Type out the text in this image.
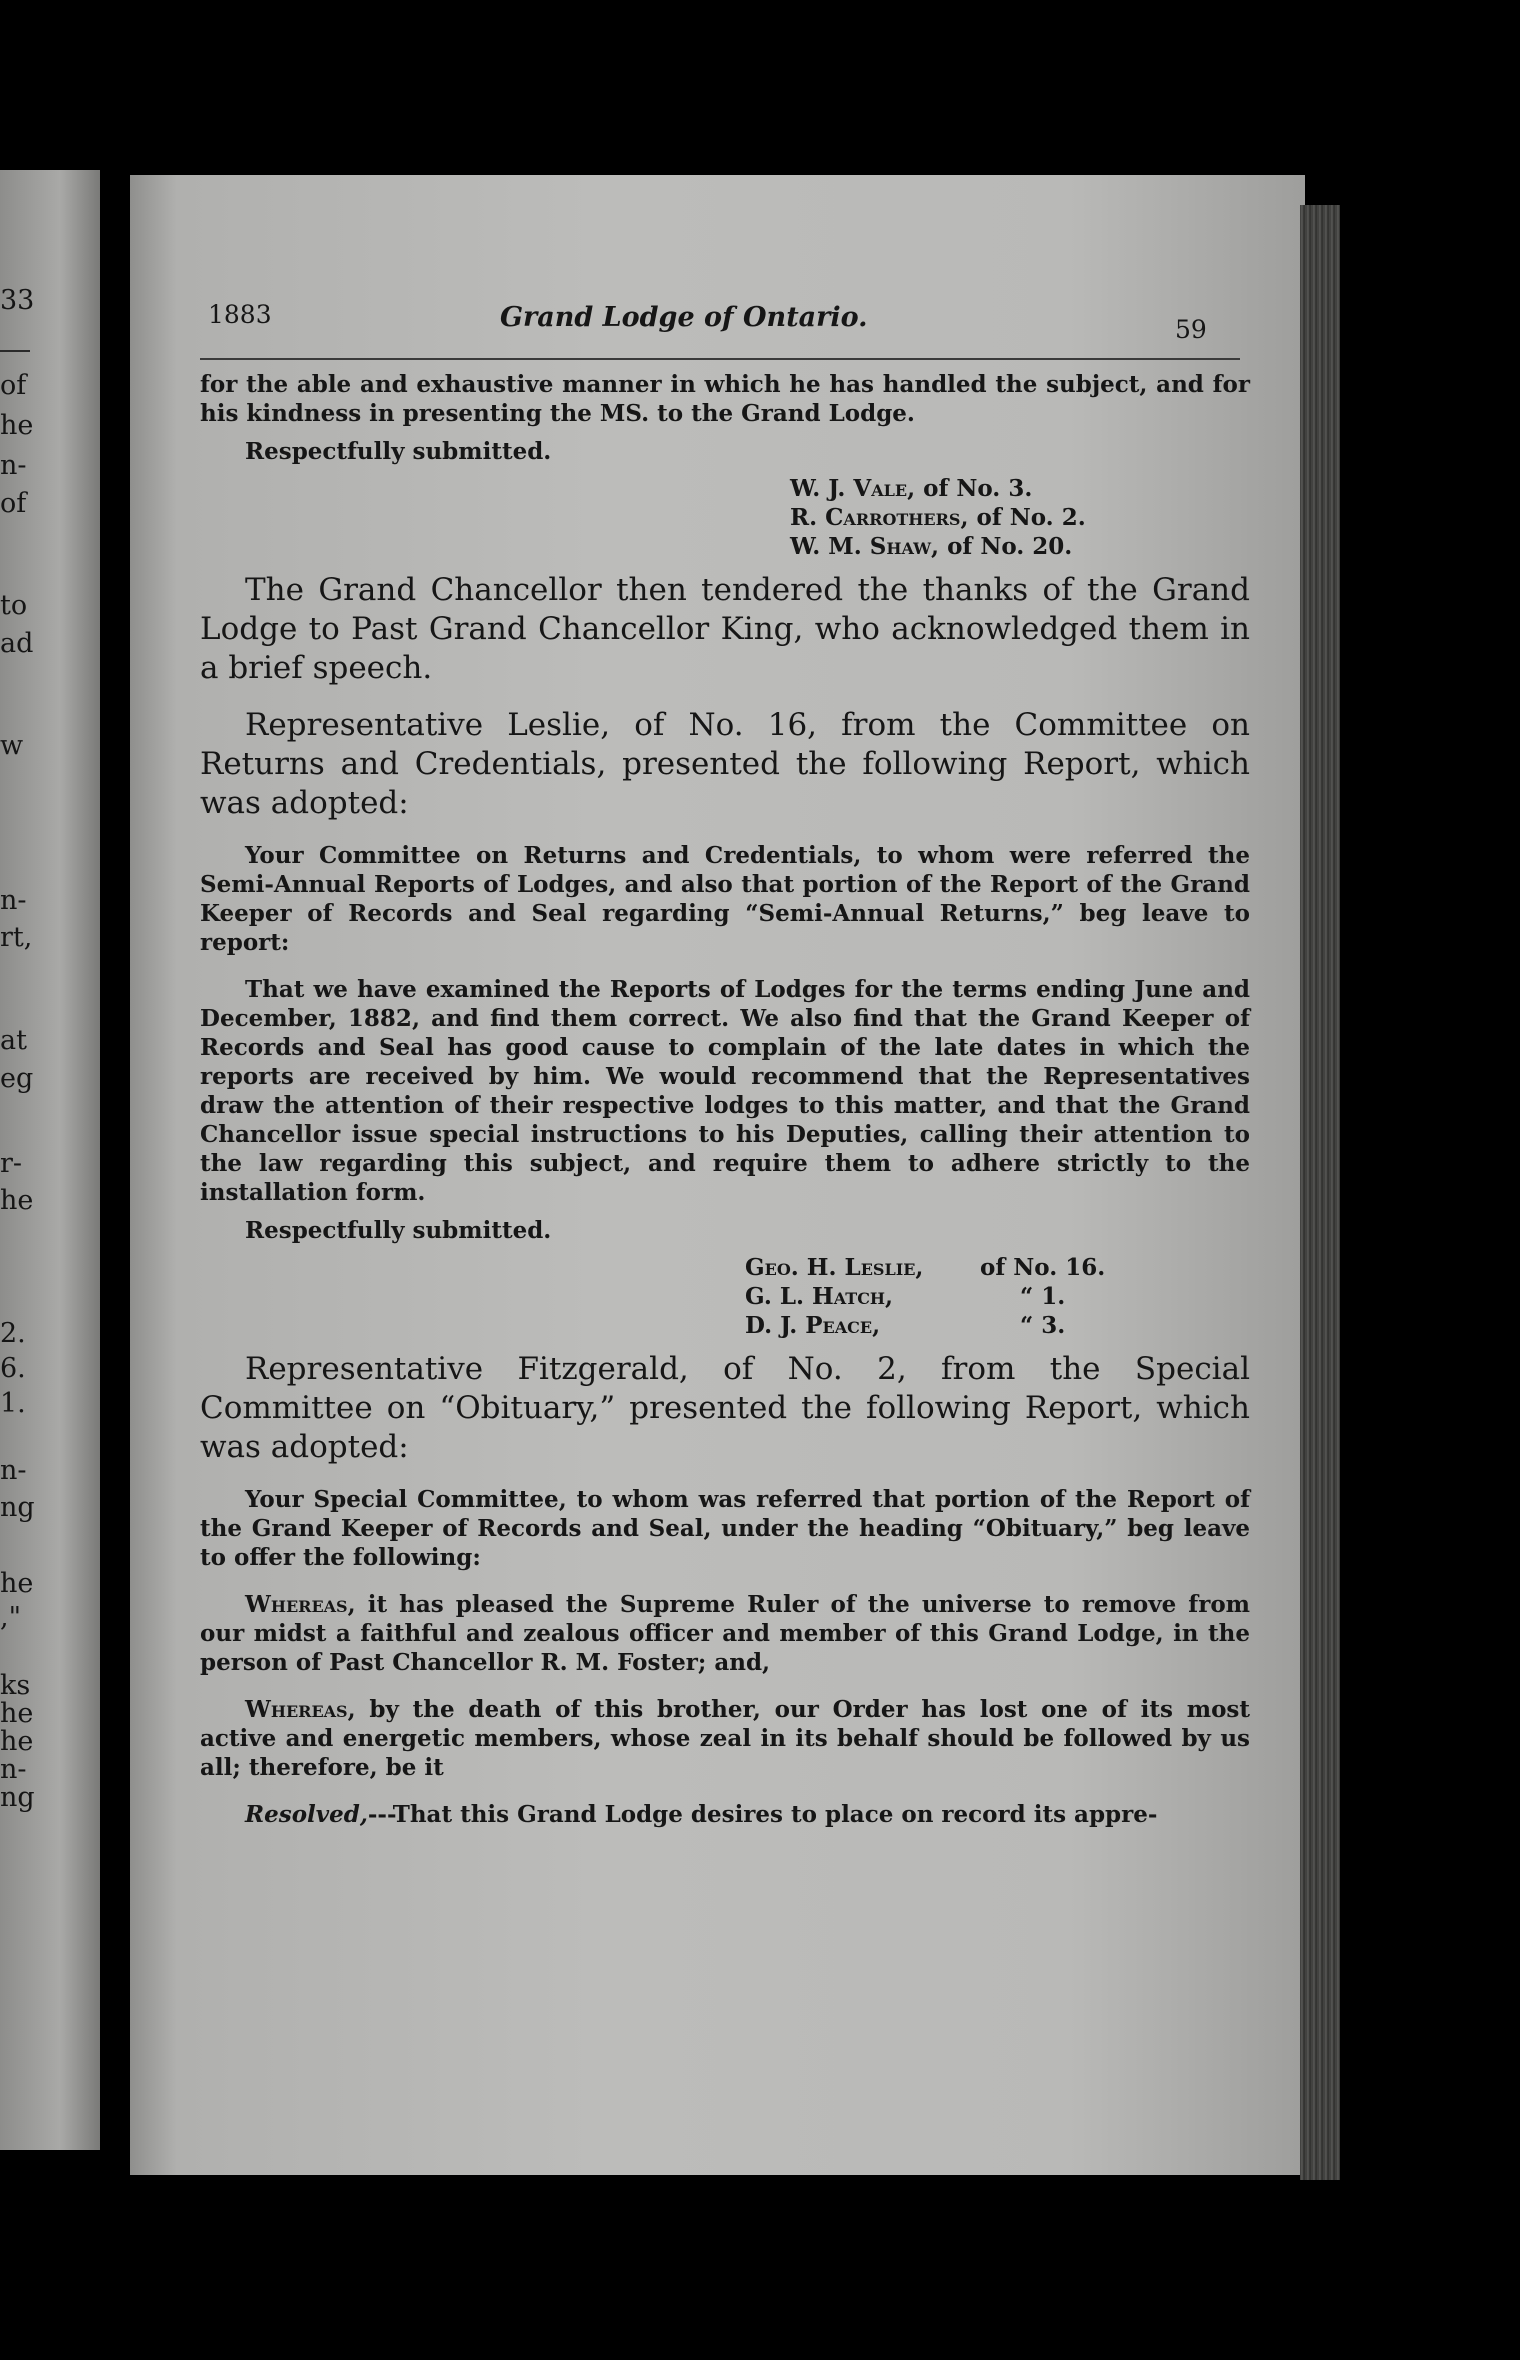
33
of
he
n-
of
to
ad
w
n-
rt,
at
eg
r-
he
2.
6.
1.
n-
ng
he
,"
ks
he
he
n-
ng
1883	Grand Lodge of Ontario.	59

for the able and exhaustive manner in which he has handled the subject, and for his kindness in presenting the MS. to the Grand Lodge.

Respectfully submitted.

W. J. Vale, of No. 3.
R. Carrothers, of No. 2.
W. M. Shaw, of No. 20.

The Grand Chancellor then tendered the thanks of the Grand Lodge to Past Grand Chancellor King, who acknowledged them in a brief speech.

Representative Leslie, of No. 16, from the Committee on Returns and Credentials, presented the following Report, which was adopted:

Your Committee on Returns and Credentials, to whom were referred the Semi-Annual Reports of Lodges, and also that portion of the Report of the Grand Keeper of Records and Seal regarding “Semi-Annual Returns,” beg leave to report:

That we have examined the Reports of Lodges for the terms ending June and December, 1882, and find them correct. We also find that the Grand Keeper of Records and Seal has good cause to complain of the late dates in which the reports are received by him. We would recommend that the Representatives draw the attention of their respective lodges to this matter, and that the Grand Chancellor issue special instructions to his Deputies, calling their attention to the law regarding this subject, and require them to adhere strictly to the installation form.

Respectfully submitted.

Geo. H. Leslie, of No. 16.
G. L. Hatch,	“ 1.
D. J. Peace,	“ 3.

Representative Fitzgerald, of No. 2, from the Special Committee on “Obituary,” presented the following Report, which was adopted:

Your Special Committee, to whom was referred that portion of the Report of the Grand Keeper of Records and Seal, under the heading “Obituary,” beg leave to offer the following:

Whereas, it has pleased the Supreme Ruler of the universe to remove from our midst a faithful and zealous officer and member of this Grand Lodge, in the person of Past Chancellor R. M. Foster; and,

Whereas, by the death of this brother, our Order has lost one of its most active and energetic members, whose zeal in its behalf should be followed by us all; therefore, be it

Resolved,---That this Grand Lodge desires to place on record its appre-
